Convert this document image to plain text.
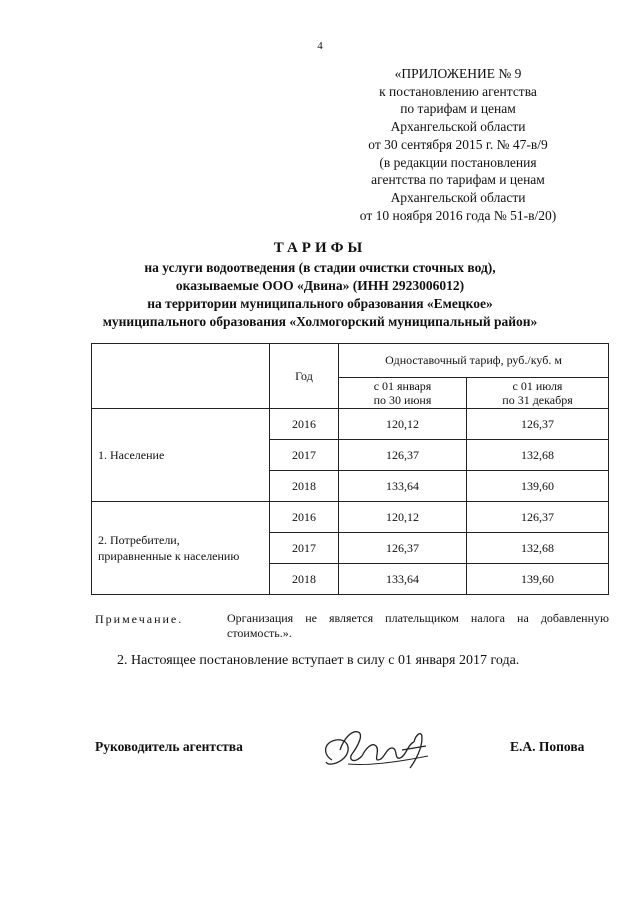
4
«ПРИЛОЖЕНИЕ № 9
к постановлению агентства
по тарифам и ценам
Архангельской области
от 30 сентября 2015 г. № 47-в/9
(в редакции постановления
агентства по тарифам и ценам
Архангельской области
от 10 ноября 2016 года № 51-в/20)
ТАРИФЫ
на услуги водоотведения (в стадии очистки сточных вод),
оказываемые ООО «Двина» (ИНН 2923006012)
на территории муниципального образования «Емецкое»
муниципального образования «Холмогорский муниципальный район»
	Год	Одноставочный тариф, руб./куб. м	
		с 01 января
по 30 июня	с 01 июля
по 31 декабря
1. Население	2016	120,12	126,37
	2017	126,37	132,68
	2018	133,64	139,60
2. Потребители,
приравненные к населению	2016	120,12	126,37
	2017	126,37	132,68
	2018	133,64	139,60
Примечание.	Организация не является плательщиком налога на добавленную стоимость.».
2. Настоящее постановление вступает в силу с 01 января 2017 года.
Руководитель агентства	Е.А. Попова
